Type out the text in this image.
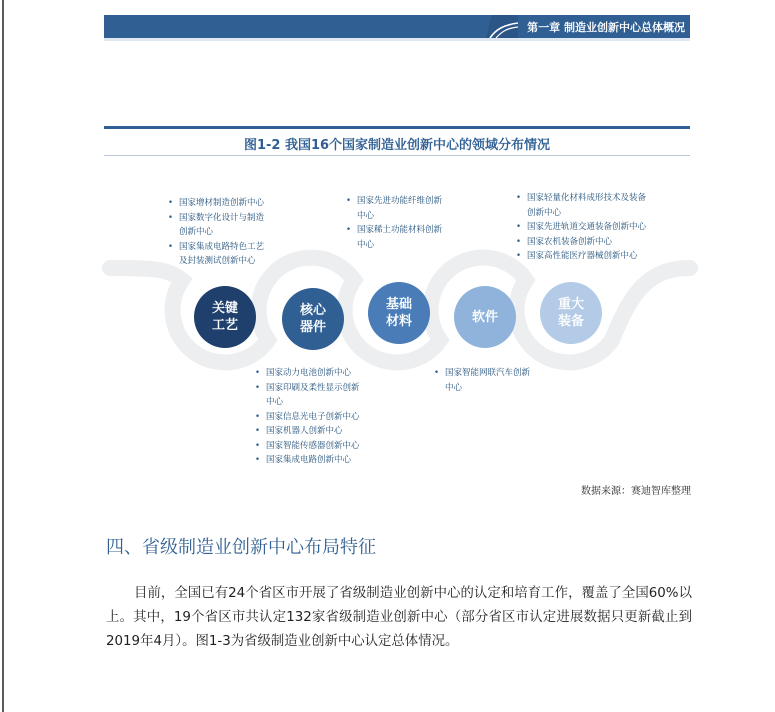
第一章 制造业创新中心总体概况
图1-2 我国16个国家制造业创新中心的领域分布情况
• 国家增材制造创新中心
• 国家数字化设计与制造
创新中心
• 国家集成电路特色工艺
及封装测试创新中心
• 国家先进功能纤维创新
中心
• 国家稀土功能材料创新
中心
• 国家轻量化材料成形技术及装备
创新中心
• 国家先进轨道交通装备创新中心
• 国家农机装备创新中心
• 国家高性能医疗器械创新中心
关键
工艺
核心
器件
基础
材料	软件
重大
装备
• 国家动力电池创新中心
• 国家印刷及柔性显示创新
中心
• 国家信息光电子创新中心
• 国家机器人创新中心
• 国家智能传感器创新中心
• 国家集成电路创新中心
• 国家智能网联汽车创新
中心
数据来源：赛迪智库整理
四、省级制造业创新中心布局特征

目前，全国已有24个省区市开展了省级制造业创新中心的认定和培育工作，覆盖了全国60%以上。其中，19个省区市共认定132家省级制造业创新中心（部分省区市认定进展数据只更新截止到2019年4月）。图1-3为省级制造业创新中心认定总体情况。
